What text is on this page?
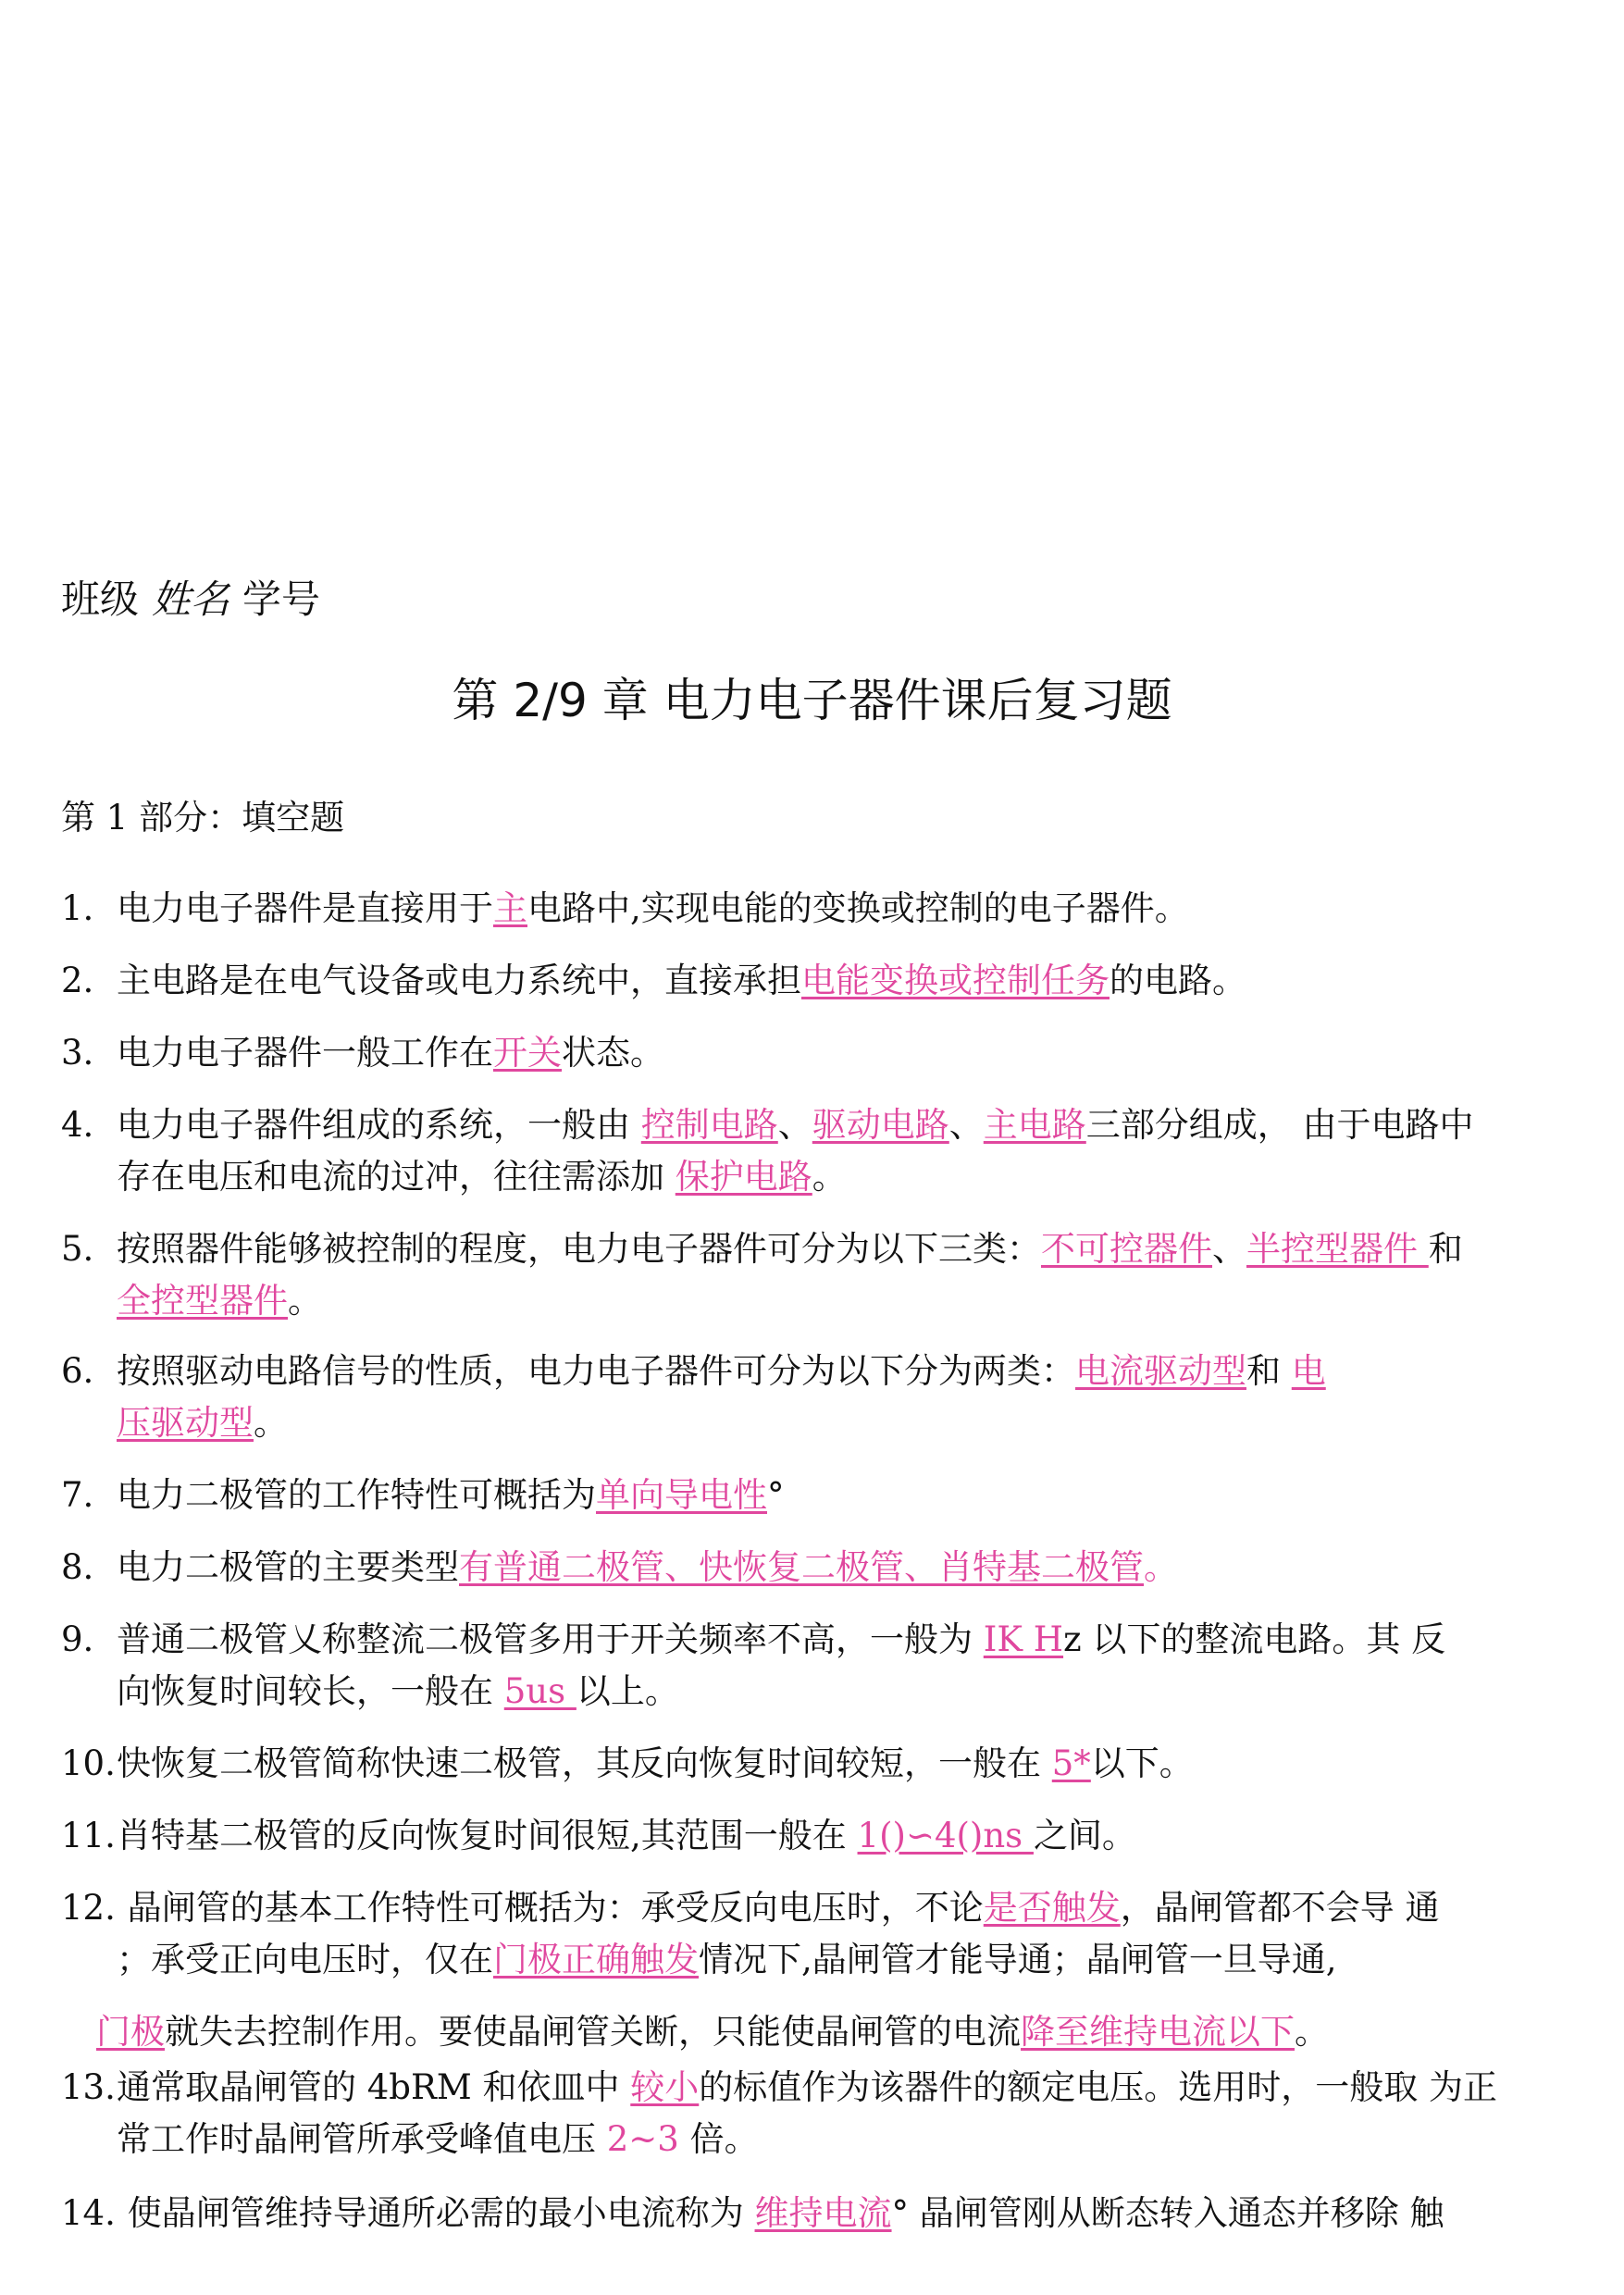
班级 姓名 学号
第 2/9 章 电力电子器件课后复习题
第 1 部分：填空题
1. 电力电子器件是直接用于主电路中,实现电能的变换或控制的电子器件。
2. 主电路是在电气设备或电力系统中，直接承担电能变换或控制任务的电路。
3. 电力电子器件一般工作在开关状态。
4. 电力电子器件组成的系统，一般由 控制电路、驱动电路、主电路三部分组成， 由于电路中
存在电压和电流的过冲，往往需添加 保护电路。
5. 按照器件能够被控制的程度，电力电子器件可分为以下三类：不可控器件、半控型器件 和
全控型器件。
6. 按照驱动电路信号的性质，电力电子器件可分为以下分为两类：电流驱动型和 电
压驱动型。
7. 电力二极管的工作特性可概括为单向导电性°
8. 电力二极管的主要类型有普通二极管、快恢复二极管、肖特基二极管。
9. 普通二极管乂称整流二极管多用于开关频率不高，一般为 IK Hz 以下的整流电路。其 反
向恢复时间较长，一般在 5us 以上。
10.快恢复二极管简称快速二极管，其反向恢复时间较短，一般在 5*以下。
11.肖特基二极管的反向恢复时间很短,其范围一般在 1()∽4()ns 之间。
12. 晶闸管的基本工作特性可概括为：承受反向电压时，不论是否触发，晶闸管都不会导 通
；承受正向电压时，仅在门极正确触发情况下,晶闸管才能导通；晶闸管一旦导通,
门极就失去控制作用。要使晶闸管关断，只能使晶闸管的电流降至维持电流以下。
13.通常取晶闸管的 4bRM 和依皿中 较小的标值作为该器件的额定电压。选用时，一般取 为正
常工作时晶闸管所承受峰值电压 2~3 倍。
14. 使晶闸管维持导通所必需的最小电流称为 维持电流° 晶闸管刚从断态转入通态并移除 触
